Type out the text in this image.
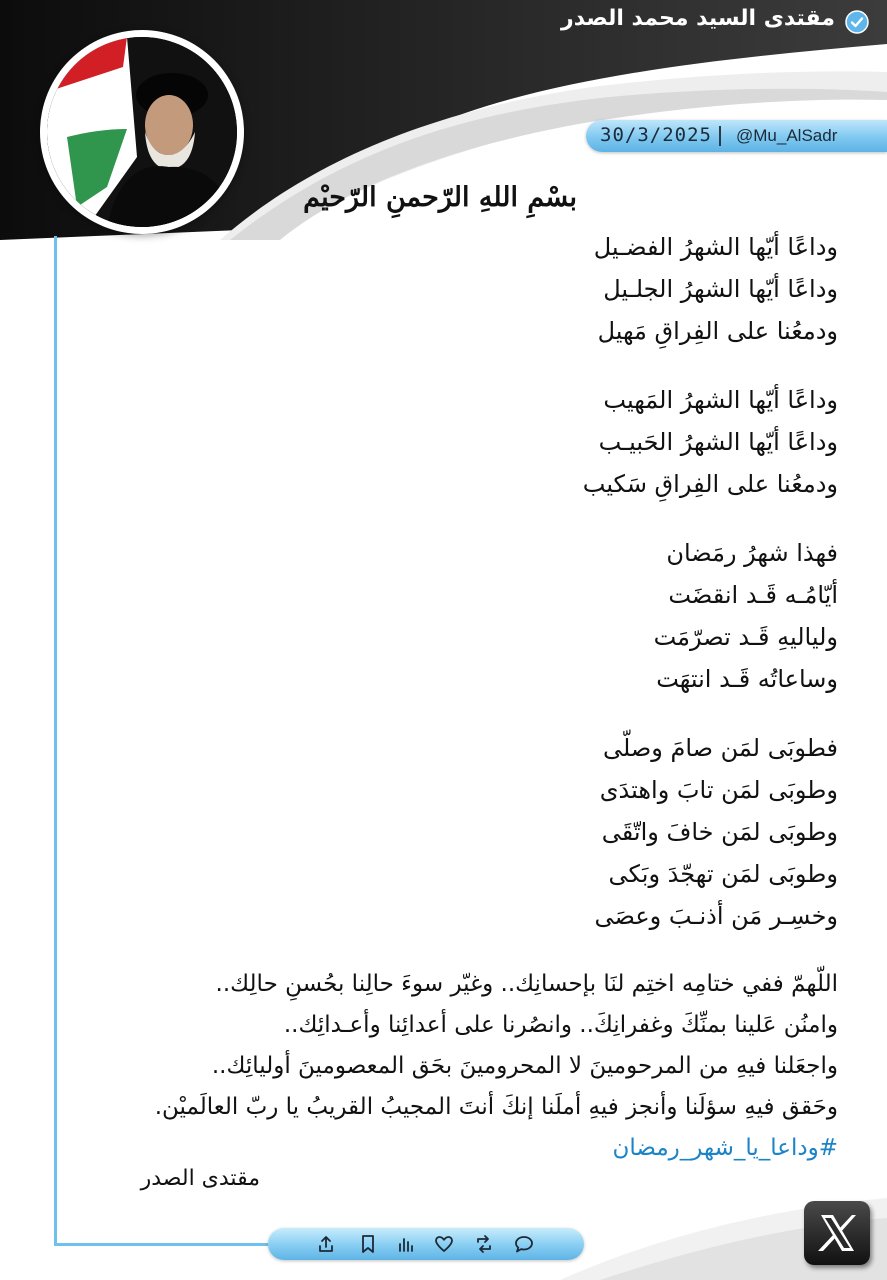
مقتدى السيد محمد الصدر
30/3/2025 @Mu_AlSadr
بسْمِ اللهِ الرّحمنِ الرّحيْم
وداعًا أيّها الشهرُ الفضـيل
وداعًا أيّها الشهرُ الجلـيل
ودمعُنا على الفِراقِ مَهيل
وداعًا أيّها الشهرُ المَهيب
وداعًا أيّها الشهرُ الحَبيـب
ودمعُنا على الفِراقِ سَكيب
فهذا شهرُ رمَضان
أيّامُـه قَـد انقضَت
ولياليهِ قَـد تصرّمَت
وساعاتُه قَـد انتهَت
فطوبَى لمَن صامَ وصلّى
وطوبَى لمَن تابَ واهتدَى
وطوبَى لمَن خافَ واتّقَى
وطوبَى لمَن تهجّدَ وبَكى
وخسِـر مَن أذنـبَ وعصَى
اللّهمّ ففي ختامِه اختِم لنَا بإحسانِك.. وغيّر سوءَ حالِنا بحُسنِ حالِك..
وامنُن عَلينا بمنِّكَ وغفرانِكَ.. وانصُرنا على أعدائِنا وأعـدائِك..
واجعَلنا فيهِ من المرحومينَ لا المحرومينَ بحَق المعصومينَ أوليائِك..
وحَقق فيهِ سؤلَنا وأنجز فيهِ أملَنا إنكَ أنتَ المجيبُ القريبُ يا ربّ العالَميْن.
#وداعا_يا_شهر_رمضان
مقتدى الصدر
